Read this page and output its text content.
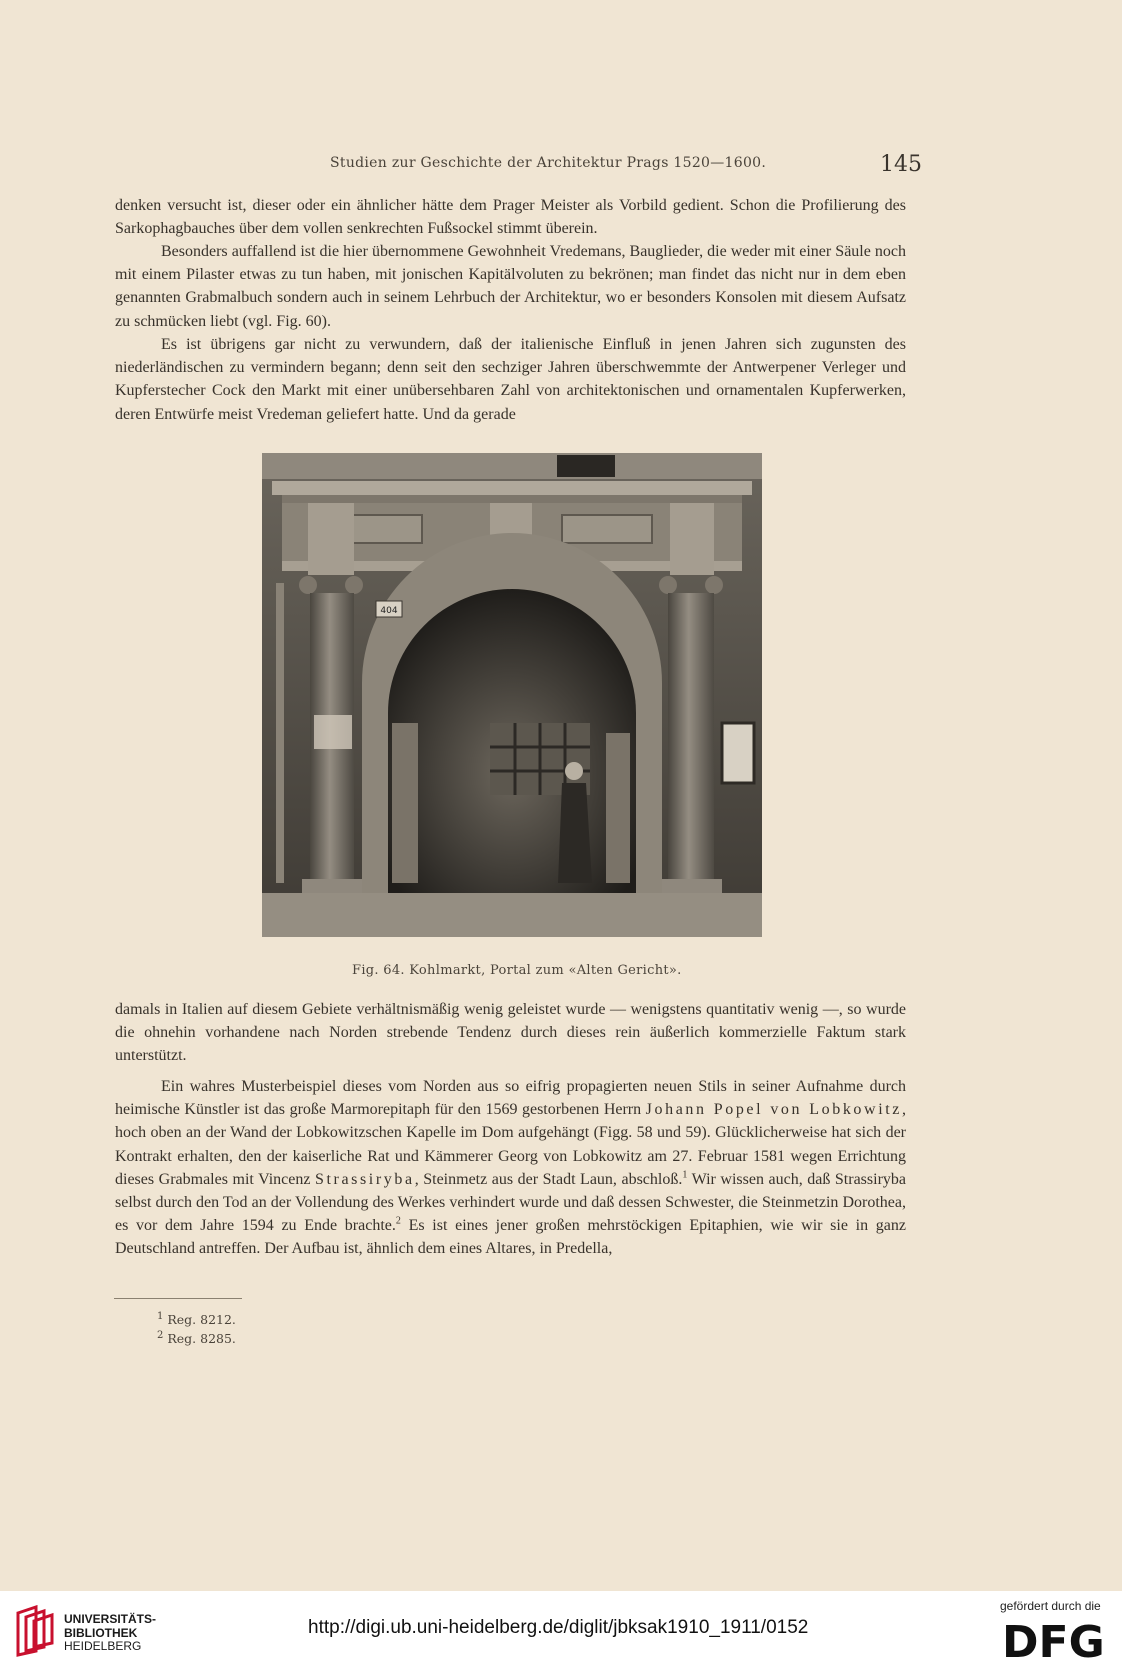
Studien zur Geschichte der Architektur Prags 1520—1600.	145
denken versucht ist, dieser oder ein ähnlicher hätte dem Prager Meister als Vorbild gedient. Schon die Profilierung des Sarkophagbauches über dem vollen senkrechten Fußsockel stimmt überein.
Besonders auffallend ist die hier übernommene Gewohnheit Vredemans, Bauglieder, die weder mit einer Säule noch mit einem Pilaster etwas zu tun haben, mit jonischen Kapitälvoluten zu bekrönen; man findet das nicht nur in dem eben genannten Grabmalbuch sondern auch in seinem Lehrbuch der Architektur, wo er besonders Konsolen mit diesem Aufsatz zu schmücken liebt (vgl. Fig. 60).
Es ist übrigens gar nicht zu verwundern, daß der italienische Einfluß in jenen Jahren sich zugunsten des niederländischen zu vermindern begann; denn seit den sechziger Jahren überschwemmte der Antwerpener Verleger und Kupferstecher Cock den Markt mit einer unübersehbaren Zahl von architektonischen und ornamentalen Kupferwerken, deren Entwürfe meist Vredeman geliefert hatte. Und da gerade
404
Fig. 64. Kohlmarkt, Portal zum «Alten Gericht».
damals in Italien auf diesem Gebiete verhältnismäßig wenig geleistet wurde — wenigstens quantitativ wenig —, so wurde die ohnehin vorhandene nach Norden strebende Tendenz durch dieses rein äußerlich kommerzielle Faktum stark unterstützt.
Ein wahres Musterbeispiel dieses vom Norden aus so eifrig propagierten neuen Stils in seiner Aufnahme durch heimische Künstler ist das große Marmorepitaph für den 1569 gestorbenen Herrn Johann Popel von Lobkowitz, hoch oben an der Wand der Lobkowitzschen Kapelle im Dom aufgehängt (Figg. 58 und 59). Glücklicherweise hat sich der Kontrakt erhalten, den der kaiserliche Rat und Kämmerer Georg von Lobkowitz am 27. Februar 1581 wegen Errichtung dieses Grabmales mit Vincenz Strassiryba, Steinmetz aus der Stadt Laun, abschloß.$^1$ Wir wissen auch, daß Strassiryba selbst durch den Tod an der Vollendung des Werkes verhindert wurde und daß dessen Schwester, die Steinmetzin Dorothea, es vor dem Jahre 1594 zu Ende brachte.$^2$ Es ist eines jener großen mehrstöckigen Epitaphien, wie wir sie in ganz Deutschland antreffen. Der Aufbau ist, ähnlich dem eines Altares, in Predella,
$^1$ Reg. 8212.
$^2$ Reg. 8285.
UNIVERSITÄTS-
BIBLIOTHEK
HEIDELBERG
http://digi.ub.uni-heidelberg.de/diglit/jbksak1910_1911/0152
gefördert durch die
DFG
